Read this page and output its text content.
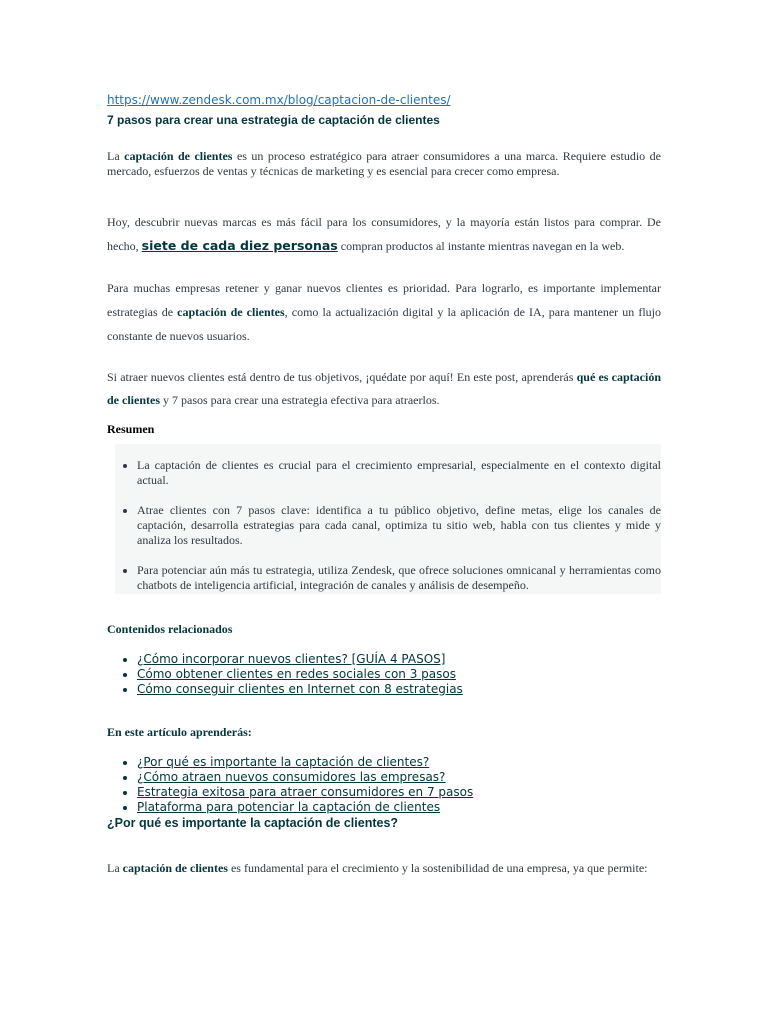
https://www.zendesk.com.mx/blog/captacion-de-clientes/
7 pasos para crear una estrategia de captación de clientes

La captación de clientes es un proceso estratégico para atraer consumidores a una marca. Requiere estudio de mercado, esfuerzos de ventas y técnicas de marketing y es esencial para crecer como empresa.

Hoy, descubrir nuevas marcas es más fácil para los consumidores, y la mayoría están listos para comprar. De hecho, siete de cada diez personas compran productos al instante mientras navegan en la web.

Para muchas empresas retener y ganar nuevos clientes es prioridad. Para lograrlo, es importante implementar estrategias de captación de clientes, como la actualización digital y la aplicación de IA, para mantener un flujo constante de nuevos usuarios.

Si atraer nuevos clientes está dentro de tus objetivos, ¡quédate por aquí! En este post, aprenderás qué es captación de clientes y 7 pasos para crear una estrategia efectiva para atraerlos.

Resumen
• La captación de clientes es crucial para el crecimiento empresarial, especialmente en el contexto digital actual.
• Atrae clientes con 7 pasos clave: identifica a tu público objetivo, define metas, elige los canales de captación, desarrolla estrategias para cada canal, optimiza tu sitio web, habla con tus clientes y mide y analiza los resultados.
• Para potenciar aún más tu estrategia, utiliza Zendesk, que ofrece soluciones omnicanal y herramientas como chatbots de inteligencia artificial, integración de canales y análisis de desempeño.
Contenidos relacionados
• ¿Cómo incorporar nuevos clientes? [GUÍA 4 PASOS]
• Cómo obtener clientes en redes sociales con 3 pasos
• Cómo conseguir clientes en Internet con 8 estrategias
En este artículo aprenderás:
• ¿Por qué es importante la captación de clientes?
• ¿Cómo atraen nuevos consumidores las empresas?
• Estrategia exitosa para atraer consumidores en 7 pasos
• Plataforma para potenciar la captación de clientes
¿Por qué es importante la captación de clientes?

La captación de clientes es fundamental para el crecimiento y la sostenibilidad de una empresa, ya que permite:
